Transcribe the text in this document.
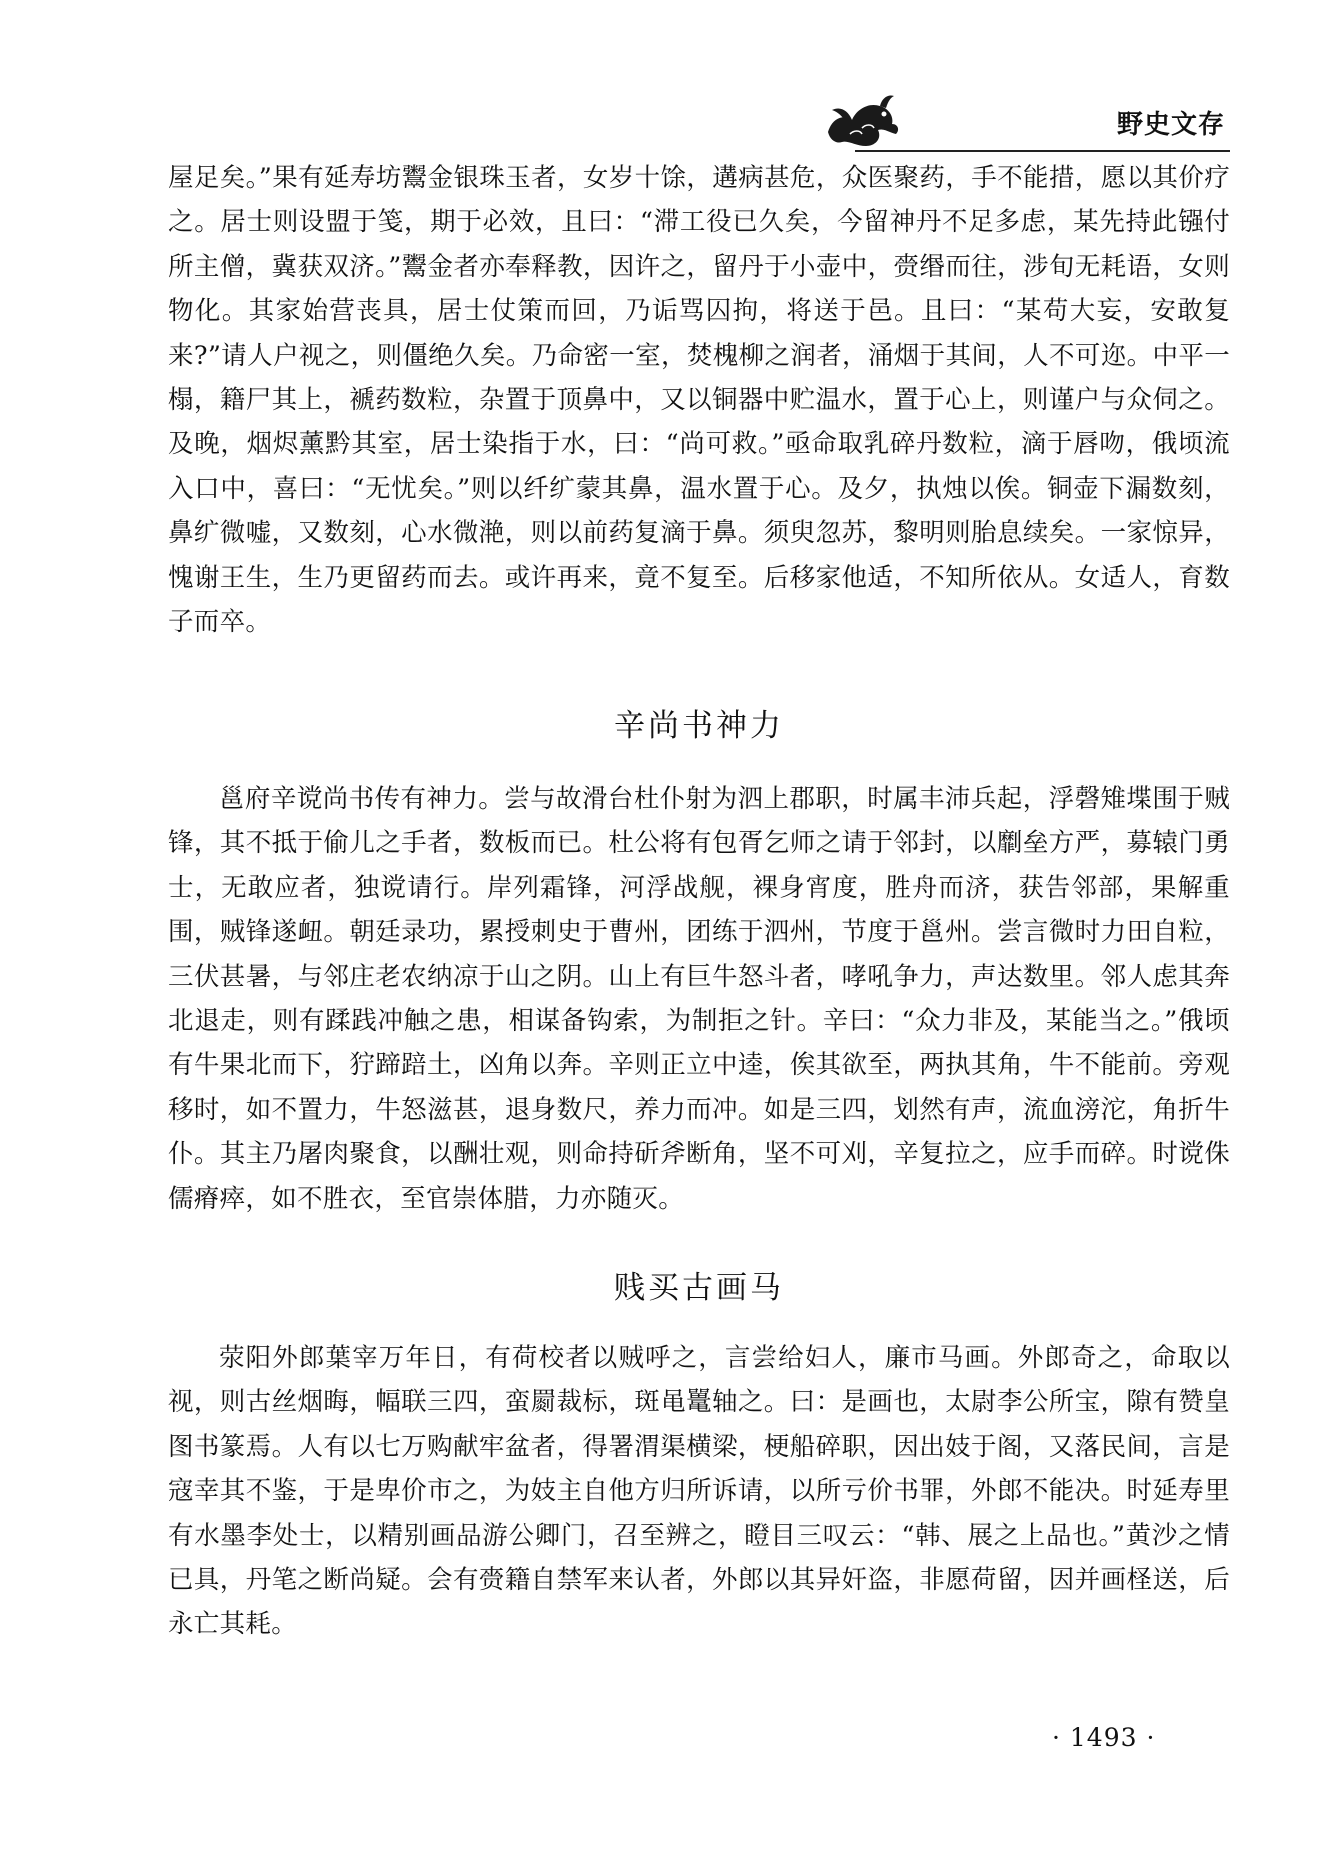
野史文存

屋足矣。”果有延寿坊鬻金银珠玉者，女岁十馀，遘病甚危，众医聚药，手不能措，愿以其价疗之。居士则设盟于笺，期于必效，且曰：“滞工役已久矣，今留神丹不足多虑，某先持此镪付所主僧，冀获双济。”鬻金者亦奉释教，因许之，留丹于小壶中，赍缗而往，涉旬无耗语，女则物化。其家始营丧具，居士仗策而回，乃诟骂囚拘，将送于邑。且曰：“某苟大妄，安敢复来?”请人户视之，则僵绝久矣。乃命密一室，焚槐柳之润者，涌烟于其间，人不可迩。中平一榻，籍尸其上，褫药数粒，杂置于顶鼻中，又以铜器中贮温水，置于心上，则谨户与众伺之。及晚，烟烬薰黔其室，居士染指于水，曰：“尚可救。”亟命取乳碎丹数粒，滴于唇吻，俄顷流入口中，喜曰：“无忧矣。”则以纤纩蒙其鼻，温水置于心。及夕，执烛以俟。铜壶下漏数刻，鼻纩微嘘，又数刻，心水微滟，则以前药复滴于鼻。须臾忽苏，黎明则胎息续矣。一家惊异，愧谢王生，生乃更留药而去。或许再来，竟不复至。后移家他适，不知所依从。女适人，育数子而卒。

辛尚书神力

邕府辛谠尚书传有神力。尝与故滑台杜仆射为泗上郡职，时属丰沛兵起，浮磬雉堞围于贼锋，其不抵于偷儿之手者，数板而已。杜公将有包胥乞师之请于邻封，以劘垒方严，募辕门勇士，无敢应者，独谠请行。岸列霜锋，河浮战舰，裸身宵度，胜舟而济，获告邻部，果解重围，贼锋遂衄。朝廷录功，累授刺史于曹州，团练于泗州，节度于邕州。尝言微时力田自粒，三伏甚暑，与邻庄老农纳凉于山之阴。山上有巨牛怒斗者，哮吼争力，声达数里。邻人虑其奔北退走，则有蹂践冲触之患，相谋备钩索，为制拒之针。辛曰：“众力非及，某能当之。”俄顷有牛果北而下，狞蹄踣土，凶角以奔。辛则正立中逵，俟其欲至，两执其角，牛不能前。旁观移时，如不置力，牛怒滋甚，退身数尺，养力而冲。如是三四，划然有声，流血滂沱，角折牛仆。其主乃屠肉聚食，以酬壮观，则命持斫斧断角，坚不可刈，辛复拉之，应手而碎。时谠侏儒瘠瘁，如不胜衣，至官崇体腊，力亦随灭。

贱买古画马

荥阳外郎葉宰万年日，有荷校者以贼呼之，言尝给妇人，廉市马画。外郎奇之，命取以视，则古丝烟晦，幅联三四，蛮罽裁标，斑黾鼍轴之。曰：是画也，太尉李公所宝，隙有赞皇图书篆焉。人有以七万购献牢盆者，得署渭渠横梁，梗船碎职，因出妓于阁，又落民间，言是寇幸其不鉴，于是卑价市之，为妓主自他方归所诉请，以所亏价书罪，外郎不能决。时延寿里有水墨李处士，以精别画品游公卿门，召至辨之，瞪目三叹云：“韩、展之上品也。”黄沙之情已具，丹笔之断尚疑。会有赍籍自禁军来认者，外郎以其异奸盗，非愿荷留，因并画柽送，后永亡其耗。

· 1493 ·
